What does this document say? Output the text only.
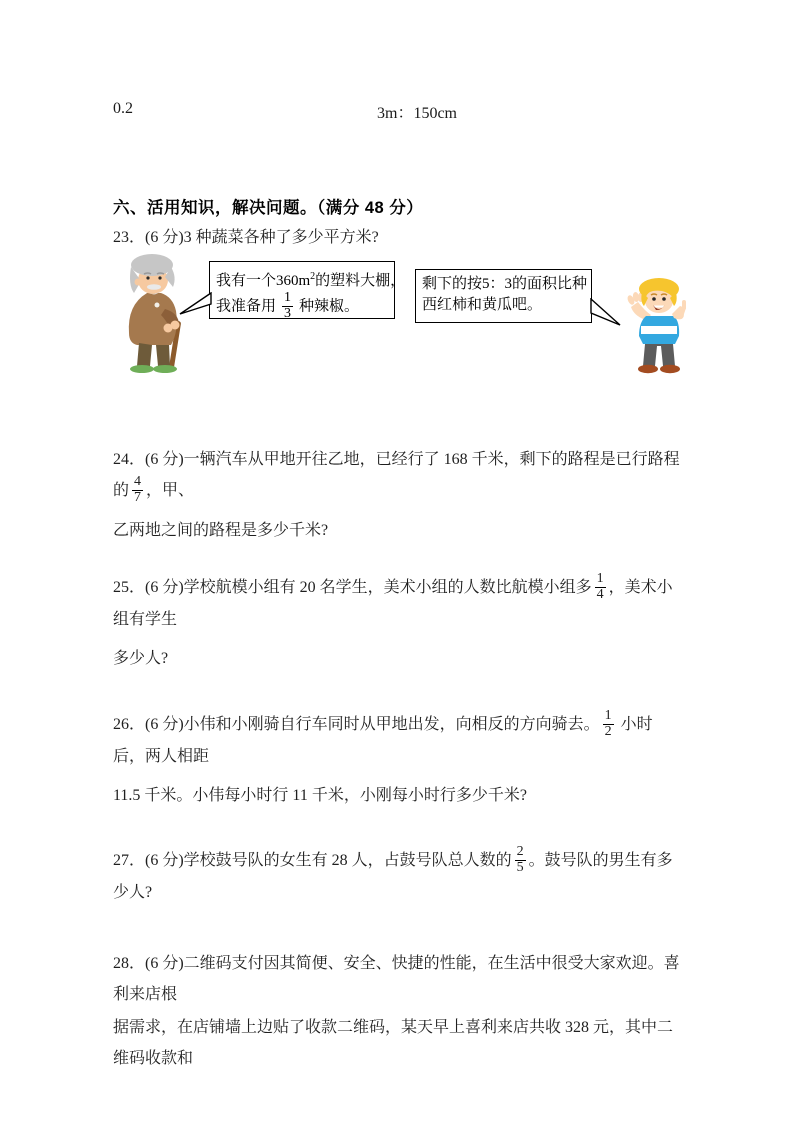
0.2	3m：150cm
六、活用知识，解决问题。（满分 48 分）
23．(6 分)3 种蔬菜各种了多少平方米?
我有一个$360m^2$的塑料大棚，
我准备用 $\frac{1}{3}$ 种辣椒。
剩下的按5：3的面积比种
西红柿和黄瓜吧。
24．(6 分)一辆汽车从甲地开往乙地，已经行了 168 千米，剩下的路程是已行路程的 $\frac{4}{7}$ ，甲、
乙两地之间的路程是多少千米?
25．(6 分)学校航模小组有 20 名学生，美术小组的人数比航模小组多 $\frac{1}{4}$ ，美术小组有学生
多少人?
26．(6 分)小伟和小刚骑自行车同时从甲地出发，向相反的方向骑去。 $\frac{1}{2}$ 小时后，两人相距
11.5 千米。小伟每小时行 11 千米，小刚每小时行多少千米?
27．(6 分)学校鼓号队的女生有 28 人，占鼓号队总人数的 $\frac{2}{5}$ 。鼓号队的男生有多少人?
28．(6 分)二维码支付因其简便、安全、快捷的性能，在生活中很受大家欢迎。喜利来店根
据需求，在店铺墙上边贴了收款二维码，某天早上喜利来店共收 328 元，其中二维码收款和
